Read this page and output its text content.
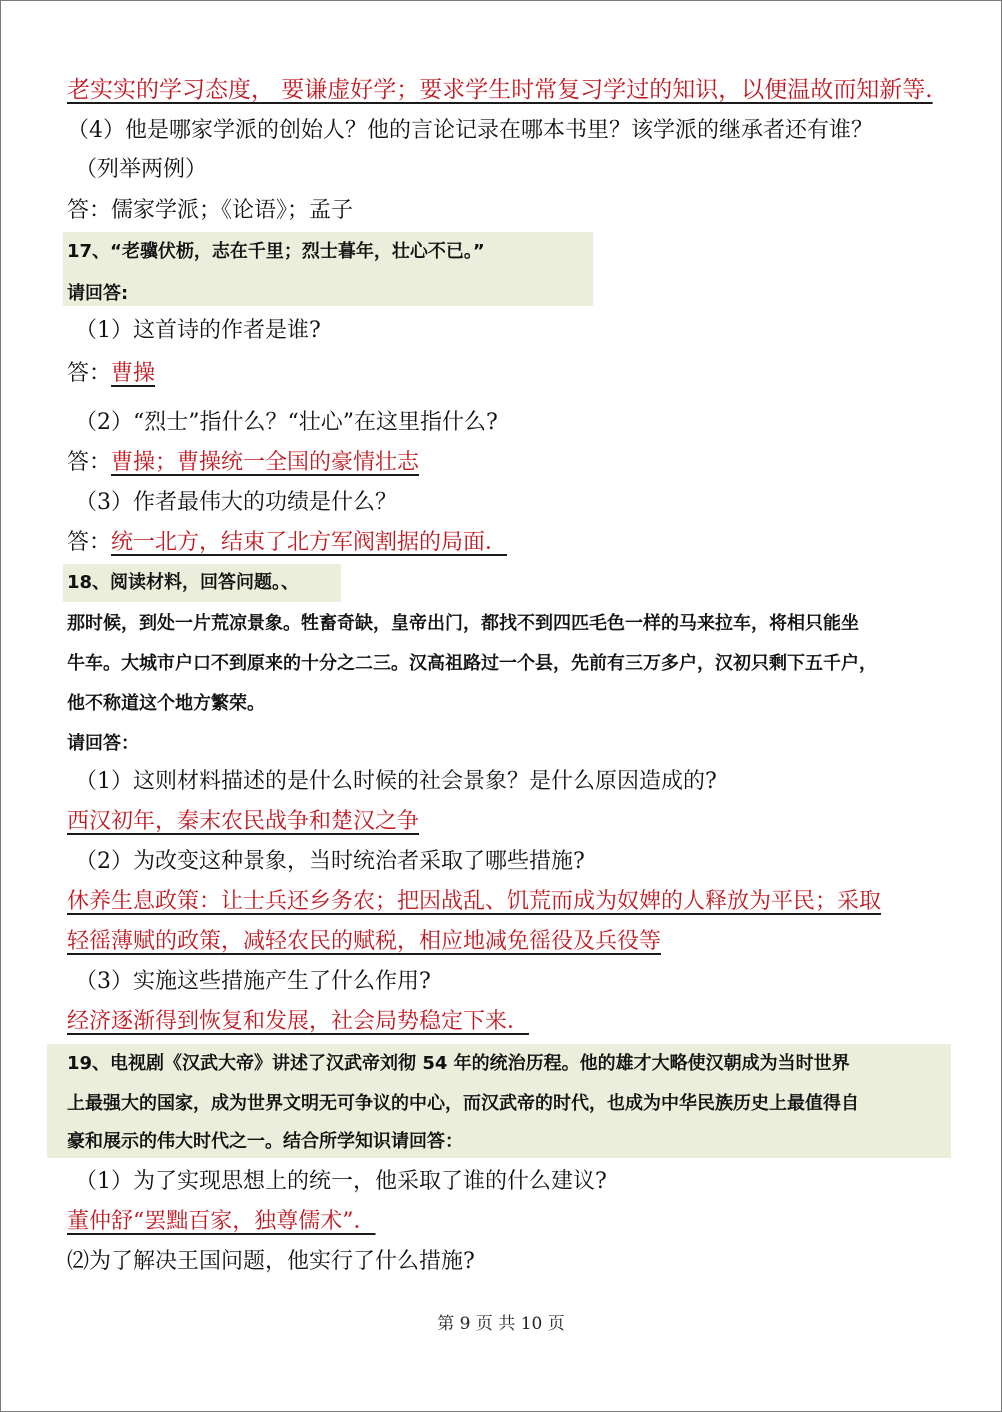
老实实的学习态度， 要谦虚好学；要求学生时常复习学过的知识，以便温故而知新等.
（4）他是哪家学派的创始人？他的言论记录在哪本书里？该学派的继承者还有谁？
（列举两例）
答：儒家学派；《论语》；孟子
17、“老骥伏枥，志在千里；烈士暮年，壮心不已。”
请回答:
（1）这首诗的作者是谁?
答：曹操
（2）“烈士”指什么？“壮心”在这里指什么?
答：曹操；曹操统一全国的豪情壮志
（3）作者最伟大的功绩是什么？
答：统一北方，结束了北方军阀割据的局面．
18、阅读材料，回答问题。、
那时候，到处一片荒凉景象。牲畜奇缺，皇帝出门，都找不到四匹毛色一样的马来拉车，将相只能坐
牛车。大城市户口不到原来的十分之二三。汉高祖路过一个县，先前有三万多户，汉初只剩下五千户，
他不称道这个地方繁荣。
请回答：
（1）这则材料描述的是什么时候的社会景象？是什么原因造成的?
西汉初年，秦末农民战争和楚汉之争
（2）为改变这种景象，当时统治者采取了哪些措施?
休养生息政策：让士兵还乡务农；把因战乱、饥荒而成为奴婢的人释放为平民；采取
轻徭薄赋的政策，减轻农民的赋税，相应地减免徭役及兵役等
（3）实施这些措施产生了什么作用?
经济逐渐得到恢复和发展，社会局势稳定下来．
19、电视剧《汉武大帝》讲述了汉武帝刘彻 54 年的统治历程。他的雄才大略使汉朝成为当时世界
上最强大的国家，成为世界文明无可争议的中心，而汉武帝的时代，也成为中华民族历史上最值得自
豪和展示的伟大时代之一。结合所学知识请回答：
（1）为了实现思想上的统一，他采取了谁的什么建议?
董仲舒“罢黜百家，独尊儒术”．
⑵为了解决王国问题，他实行了什么措施?
第 9 页 共 10 页
